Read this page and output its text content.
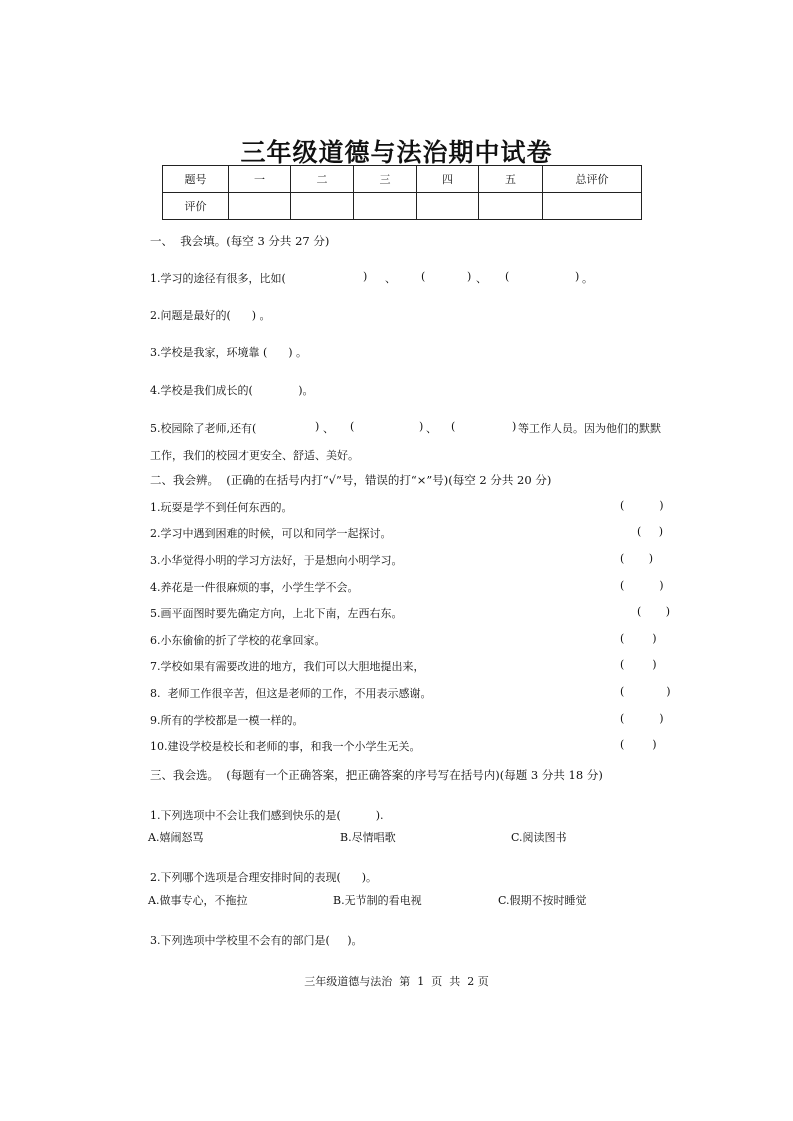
三年级道德与法治期中试卷
题号	一	二	三	四	五	总评价
评价						
一、  我会填。(每空 3 分共 27 分)
1.学习的途径有很多，比如(	) 、 (	) 、 (	) 。
2.问题是最好的(      ) 。
3.学校是我家，环境靠 (      ) 。
4.学校是我们成长的(             )。
5.校园除了老师,还有(	) 、 (	) 、 (	) 等工作人员。因为他们的默默
工作，我们的校园才更安全、舒适、美好。
二、我会辨。  (正确的在括号内打“√”号，错误的打“×”号)(每空 2 分共 20 分)
1.玩耍是学不到任何东西的。	(          )
2.学习中遇到困难的时候，可以和同学一起探讨。	(     )
3.小华觉得小明的学习方法好，于是想向小明学习。	(       )
4.养花是一件很麻烦的事，小学生学不会。	(          )
5.画平面图时要先确定方向，上北下南，左西右东。	(       )
6.小东偷偷的折了学校的花拿回家。	(        )
7.学校如果有需要改进的地方，我们可以大胆地提出来，	(        )
8.  老师工作很辛苦，但这是老师的工作，不用表示感谢。	(            )
9.所有的学校都是一模一样的。	(          )
10.建设学校是校长和老师的事，和我一个小学生无关。	(        )
三、我会选。  (每题有一个正确答案，把正确答案的序号写在括号内)(每题 3 分共 18 分)
1.下列选项中不会让我们感到快乐的是(          ).
A.嬉闹怒骂	B.尽情唱歌	C.阅读图书
2.下列哪个选项是合理安排时间的表现(      )。
A.做事专心，不拖拉	B.无节制的看电视	C.假期不按时睡觉
3.下列选项中学校里不会有的部门是(     )。
三年级道德与法治  第  1  页  共  2 页
